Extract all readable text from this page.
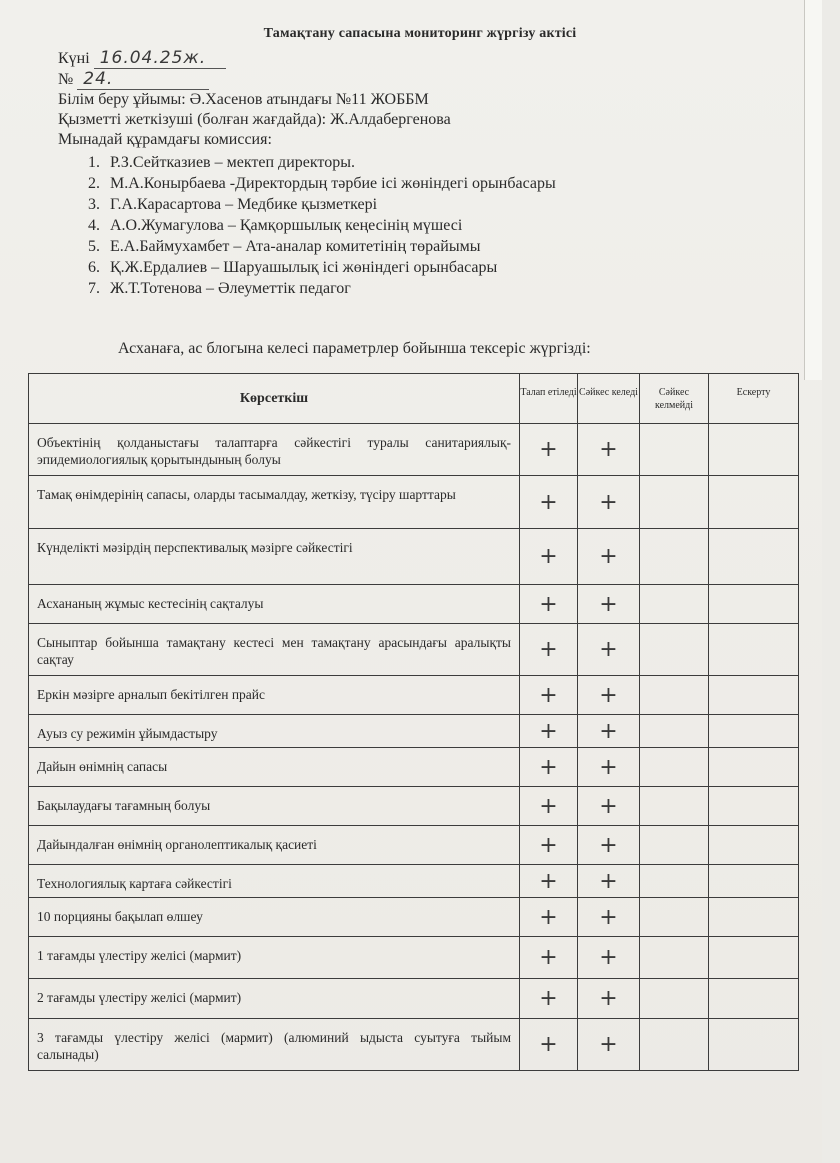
Тамақтану сапасына мониторинг жүргізу актісі
Күні 16.04.25ж.
№ 24.
Білім беру ұйымы: Ә.Хасенов атындағы №11 ЖОББМ
Қызметті жеткізуші (болған жағдайда): Ж.Алдабергенова
Мынадай құрамдағы комиссия:
1. Р.З.Сейтказиев – мектеп директоры.
2. М.А.Конырбаева -Директордың тәрбие ісі жөніндегі орынбасары
3. Г.А.Карасартова – Медбике қызметкері
4. А.О.Жумагулова – Қамқоршылық кеңесінің мүшесі
5. Е.А.Баймухамбет – Ата-аналар комитетінің төрайымы
6. Қ.Ж.Ердалиев – Шаруашылық ісі жөніндегі орынбасары
7. Ж.Т.Тотенова – Әлеуметтік педагог
Асханаға, ас блогына келесі параметрлер бойынша тексеріс жүргізді:
Көрсеткіш	Талап етіледі	Сәйкес келеді	Сәйкес келмейді	Ескерту
Объектінің қолданыстағы талаптарға сәйкестігі туралы санитариялық-эпидемиологиялық қорытындының болуы	+	+		
Тамақ өнімдерінің сапасы, оларды тасымалдау, жеткізу, түсіру шарттары	+	+		
Күнделікті мәзірдің перспективалық мәзірге сәйкестігі	+	+		
Асхананың жұмыс кестесінің сақталуы	+	+		
Сыныптар бойынша тамақтану кестесі мен тамақтану арасындағы аралықты сақтау	+	+		
Еркін мәзірге арналып бекітілген прайс	+	+		
Ауыз су режимін ұйымдастыру	+	+		
Дайын өнімнің сапасы	+	+		
Бақылаудағы тағамның болуы	+	+		
Дайындалған өнімнің органолептикалық қасиеті	+	+		
Технологиялық картаға сәйкестігі	+	+		
10 порцияны бақылап өлшеу	+	+		
1 тағамды үлестіру желісі (мармит)	+	+		
2 тағамды үлестіру желісі (мармит)	+	+		
3 тағамды үлестіру желісі (мармит) (алюминий ыдыста суытуға тыйым салынады)	+	+		
